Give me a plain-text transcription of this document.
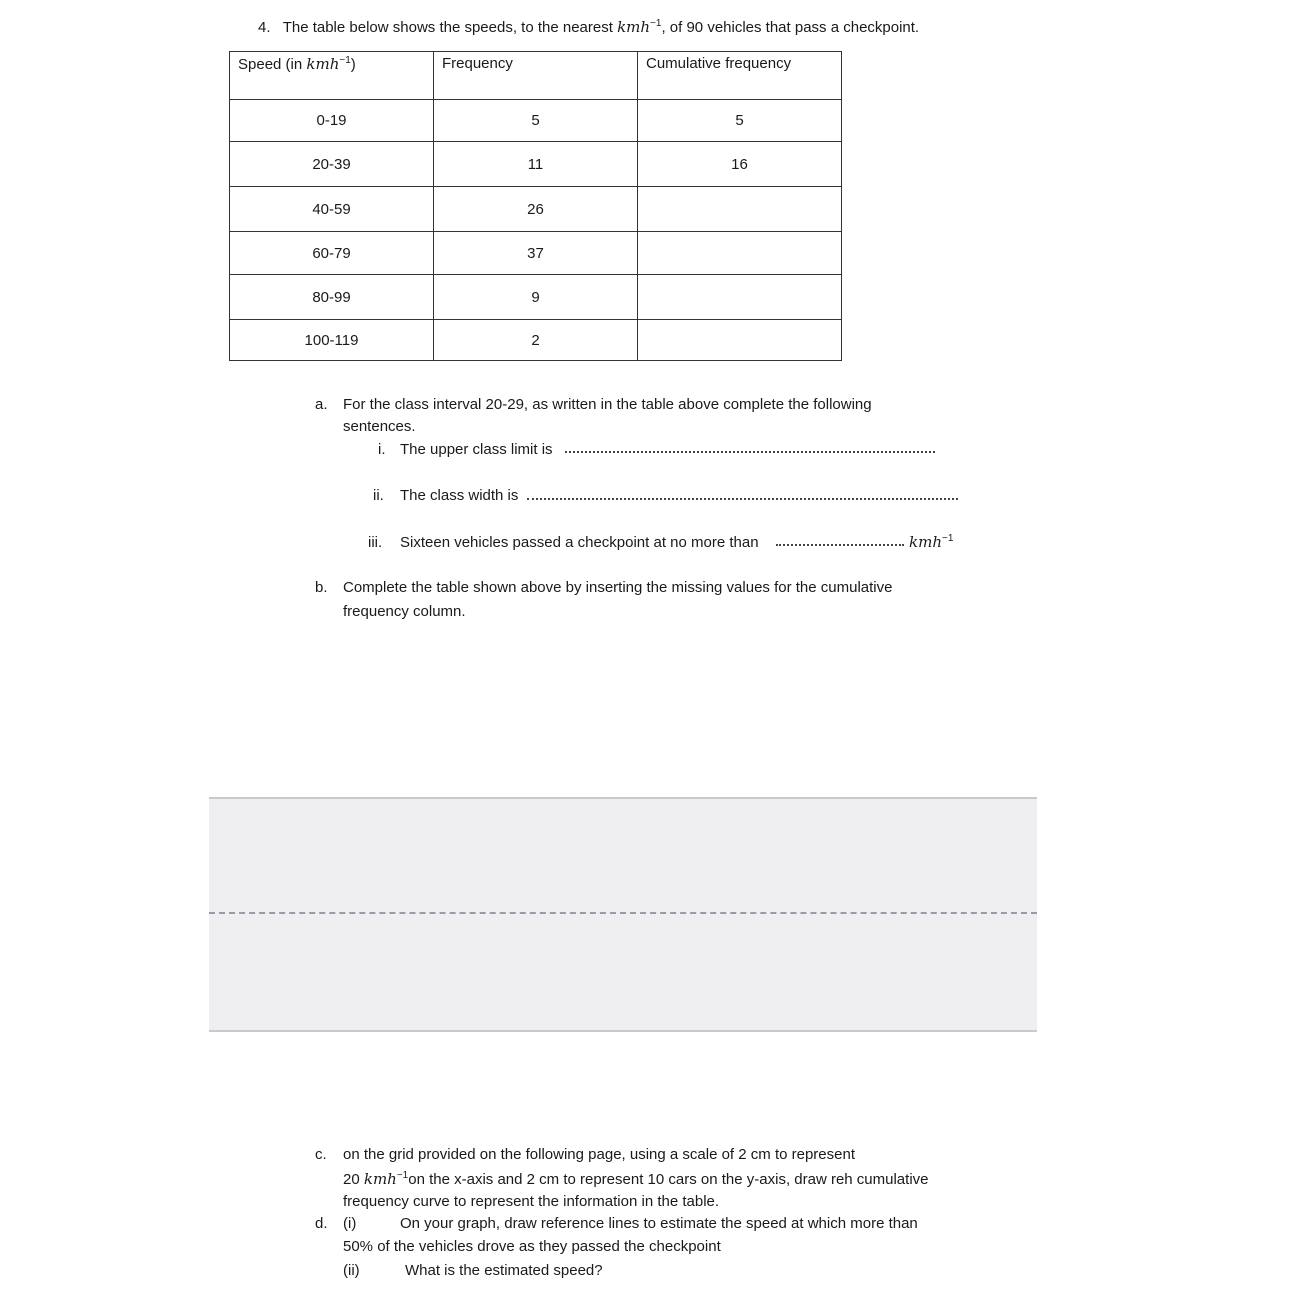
4. The table below shows the speeds, to the nearest kmh$^{-1}$, of 90 vehicles that pass a checkpoint.
Speed (in kmh$^{-1}$)	Frequency	Cumulative frequency
0-19	5	5
20-39	11	16
40-59	26	
60-79	37	
80-99	9	
100-119	2	
a. For the class interval 20-29, as written in the table above complete the following
sentences.
i. The upper class limit is
ii. The class width is
iii. Sixteen vehicles passed a checkpoint at no more than	kmh$^{-1}$
b. Complete the table shown above by inserting the missing values for the cumulative
frequency column.
c. on the grid provided on the following page, using a scale of 2 cm to represent
20 kmh$^{-1}$on the x-axis and 2 cm to represent 10 cars on the y-axis, draw reh cumulative
frequency curve to represent the information in the table.
d. (i)	On your graph, draw reference lines to estimate the speed at which more than
50% of the vehicles drove as they passed the checkpoint
(ii)	What is the estimated speed?
